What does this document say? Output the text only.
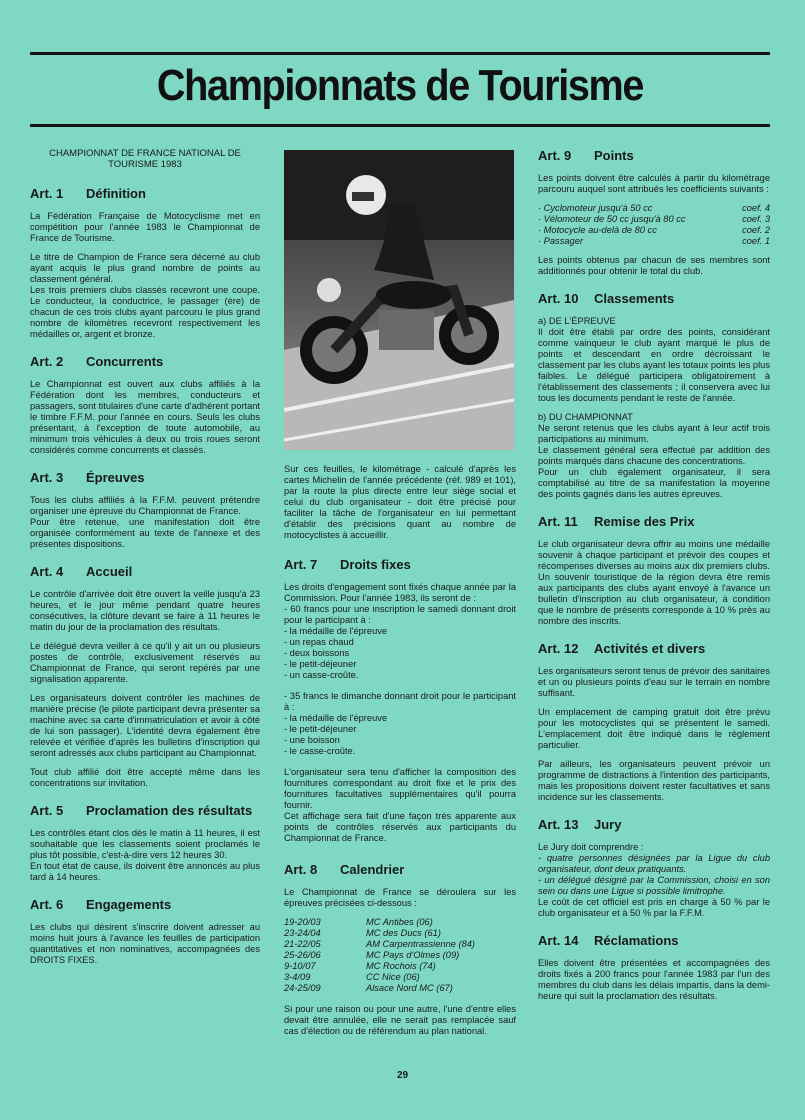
Championnats de Tourisme
CHAMPIONNAT DE FRANCE NATIONAL DE TOURISME 1983
Art. 1	Définition

La Fédération Française de Motocyclisme met en compétition pour l'année 1983 le Championnat de France de Tourisme.

Le titre de Champion de France sera décerné au club ayant acquis le plus grand nombre de points au classement général.

Les trois premiers clubs classés recevront une coupe. Le conducteur, la conductrice, le passager (ère) de chacun de ces trois clubs ayant parcouru le plus grand nombre de kilomètres recevront respectivement les médailles or, argent et bronze.

Art. 2	Concurrents

Le Championnat est ouvert aux clubs affiliés à la Fédération dont les membres, conducteurs et passagers, sont titulaires d'une carte d'adhérent portant le timbre F.F.M. pour l'année en cours. Seuls les clubs présentant, à l'exception de toute automobile, au minimum trois véhicules à deux ou trois roues seront considérés comme concurrents et classés.

Art. 3	Épreuves

Tous les clubs affiliés à la F.F.M. peuvent prétendre organiser une épreuve du Championnat de France.

Pour être retenue, une manifestation doit être organisée conformément au texte de l'annexe et des présentes dispositions.

Art. 4	Accueil

Le contrôle d'arrivée doit être ouvert la veille jusqu'à 23 heures, et le jour même pendant quatre heures consécutives, la clôture devant se faire à 11 heures le matin du jour de la proclamation des résultats.

Le délégué devra veiller à ce qu'il y ait un ou plusieurs postes de contrôle, exclusivement réservés au Championnat de France, qui seront repérés par une signalisation apparente.

Les organisateurs doivent contrôler les machines de manière précise (le pilote participant devra présenter sa machine avec sa carte d'immatriculation et avoir à côté de lui son passager). L'identité devra également être relevée et vérifiée d'après les bulletins d'inscription qui seront adressés aux clubs participant au Championnat.

Tout club affilié doit être accepté même dans les concentrations sur invitation.

Art. 5	Proclamation des résultats

Les contrôles étant clos dès le matin à 11 heures, il est souhaitable que les classements soient proclamés le plus tôt possible, c'est-à-dire vers 12 heures 30.

En tout état de cause, ils doivent être annoncés au plus tard à 14 heures.

Art. 6	Engagements

Les clubs qui désirent s'inscrire doivent adresser au moins huit jours à l'avance les feuilles de participation quantitatives et non nominatives, accompagnées des DROITS FIXES.

Sur ces feuilles, le kilométrage - calculé d'après les cartes Michelin de l'année précédente (réf. 989 et 101), par la route la plus directe entre leur siège social et celui du club organisateur - doit être précisé pour faciliter la tâche de l'organisateur en lui permettant d'établir des précisions quant au nombre de motocyclistes à accueillir.

Art. 7	Droits fixes

Les droits d'engagement sont fixés chaque année par la Commission. Pour l'année 1983, ils seront de :

- 60 francs pour une inscription le samedi donnant droit pour le participant à :

- la médaille de l'épreuve
- un repas chaud
- deux boissons
- le petit-déjeuner
- un casse-croûte.

- 35 francs le dimanche donnant droit pour le participant à :

- la médaille de l'épreuve
- le petit-déjeuner
- une boisson
- le casse-croûte.

L'organisateur sera tenu d'afficher la composition des fournitures correspondant au droit fixe et le prix des fournitures facultatives supplémentaires qu'il pourra fournir.

Cet affichage sera fait d'une façon très apparente aux points de contrôles réservés aux participants du Championnat de France.

Art. 8	Calendrier

Le Championnat de France se déroulera sur les épreuves précisées ci-dessous :

19-20/03	MC Antibes (06)
23-24/04	MC des Ducs (61)
21-22/05	AM Carpentrassienne (84)
25-26/06	MC Pays d'Olmes (09)
9-10/07	MC Rochois (74)
3-4/09	CC Nice (06)
24-25/09	Alsace Nord MC (67)

Si pour une raison ou pour une autre, l'une d'entre elles devait être annulée, elle ne serait pas remplacée sauf cas d'élection ou de référendum au plan national.

Art. 9	Points

Les points doivent être calculés à partir du kilométrage parcouru auquel sont attribués les coefficients suivants :

· Cyclomoteur jusqu'à 50 cc	coef. 4
· Vélomoteur de 50 cc jusqu'à 80 cc	coef. 3
· Motocycle au-delà de 80 cc	coef. 2
· Passager	coef. 1

Les points obtenus par chacun de ses membres sont additionnés pour obtenir le total du club.

Art. 10	Classements

a) DE L'ÉPREUVE

Il doit être établi par ordre des points, considérant comme vainqueur le club ayant marqué le plus de points et descendant en ordre décroissant le classement par les clubs ayant les totaux points les plus faibles. Le délégué participera obligatoirement à l'établissement des classements ; il conservera avec lui tous les documents pendant le reste de l'année.

b) DU CHAMPIONNAT

Ne seront retenus que les clubs ayant à leur actif trois participations au minimum.

Le classement général sera effectué par addition des points marqués dans chacune des concentrations.

Pour un club également organisateur, il sera comptabilisé au titre de sa manifestation la moyenne des points gagnés dans les autres épreuves.

Art. 11	Remise des Prix

Le club organisateur devra offrir au moins une médaille souvenir à chaque participant et prévoir des coupes et récompenses diverses au moins aux dix premiers clubs. Un souvenir touristique de la région devra être remis aux participants des clubs ayant envoyé à l'avance un bulletin d'inscription au club organisateur, à condition que le nombre de présents corresponde à 10 % près au nombre des inscrits.

Art. 12	Activités et divers

Les organisateurs seront tenus de prévoir des sanitaires et un ou plusieurs points d'eau sur le terrain en nombre suffisant.

Un emplacement de camping gratuit doit être prévu pour les motocyclistes qui se présentent le samedi. L'emplacement doit être indiqué dans le règlement particulier.

Par ailleurs, les organisateurs peuvent prévoir un programme de distractions à l'intention des participants, mais les propositions doivent rester facultatives et sans incidence sur les classements.

Art. 13	Jury

Le Jury doit comprendre :

- quatre personnes désignées par la Ligue du club organisateur, dont deux pratiquants.

- un délégué désigné par la Commission, choisi en son sein ou dans une Ligue si possible limitrophe.

Le coût de cet officiel est pris en charge à 50 % par le club organisateur et à 50 % par la F.F.M.

Art. 14	Réclamations

Elles doivent être présentées et accompagnées des droits fixés à 200 francs pour l'année 1983 par l'un des membres du club dans les délais impartis, dans la demi-heure qui suit la proclamation des résultats.

29
